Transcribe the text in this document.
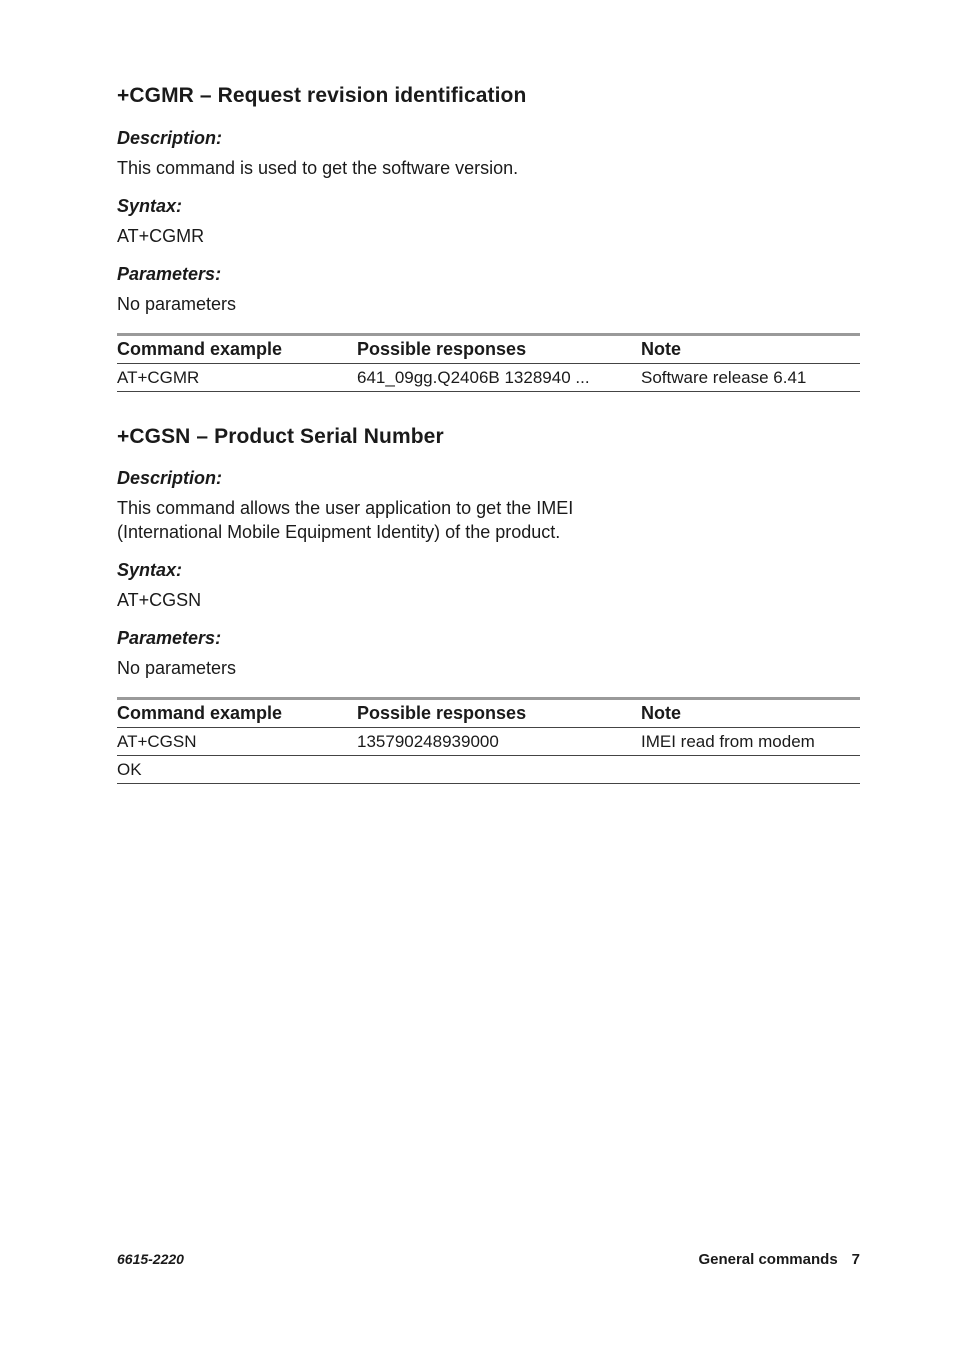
+CGMR – Request revision identification
Description:
This command is used to get the software version.
Syntax:
AT+CGMR
Parameters:
No parameters
Command example	Possible responses	Note
AT+CGMR	641_09gg.Q2406B 1328940 ...	Software release 6.41
+CGSN – Product Serial Number
Description:
This command allows the user application to get the IMEI
(International Mobile Equipment Identity) of the product.
Syntax:
AT+CGSN
Parameters:
No parameters
Command example	Possible responses	Note
AT+CGSN	135790248939000	IMEI read from modem
OK		
6615-2220	General commands 7
